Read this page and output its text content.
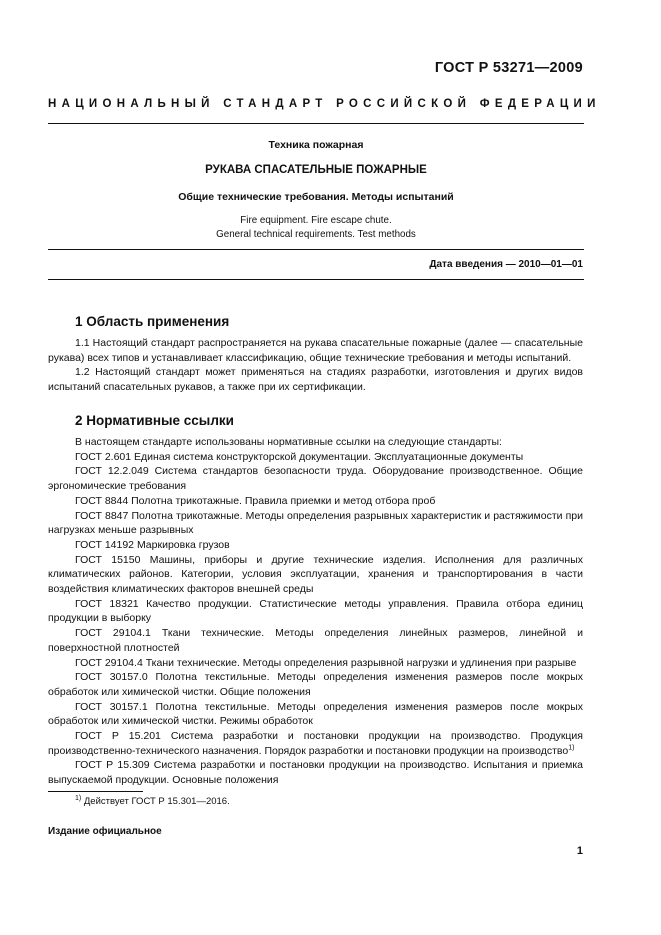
ГОСТ Р 53271—2009
НАЦИОНАЛЬНЫЙ СТАНДАРТ РОССИЙСКОЙ ФЕДЕРАЦИИ
Техника пожарная
РУКАВА СПАСАТЕЛЬНЫЕ ПОЖАРНЫЕ
Общие технические требования. Методы испытаний
Fire equipment. Fire escape chute.
General technical requirements. Test methods
Дата введения — 2010—01—01
1 Область применения

1.1 Настоящий стандарт распространяется на рукава спасательные пожарные (далее — спасательные рукава) всех типов и устанавливает классификацию, общие технические требования и методы испытаний.

1.2 Настоящий стандарт может применяться на стадиях разработки, изготовления и других видов испытаний спасательных рукавов, а также при их сертификации.

2 Нормативные ссылки

В настоящем стандарте использованы нормативные ссылки на следующие стандарты:

ГОСТ 2.601 Единая система конструкторской документации. Эксплуатационные документы

ГОСТ 12.2.049 Система стандартов безопасности труда. Оборудование производственное. Общие эргономические требования

ГОСТ 8844 Полотна трикотажные. Правила приемки и метод отбора проб

ГОСТ 8847 Полотна трикотажные. Методы определения разрывных характеристик и растяжимости при нагрузках меньше разрывных

ГОСТ 14192 Маркировка грузов

ГОСТ 15150 Машины, приборы и другие технические изделия. Исполнения для различных климатических районов. Категории, условия эксплуатации, хранения и транспортирования в части воздействия климатических факторов внешней среды

ГОСТ 18321 Качество продукции. Статистические методы управления. Правила отбора единиц продукции в выборку

ГОСТ 29104.1 Ткани технические. Методы определения линейных размеров, линейной и поверхностной плотностей

ГОСТ 29104.4 Ткани технические. Методы определения разрывной нагрузки и удлинения при разрыве

ГОСТ 30157.0 Полотна текстильные. Методы определения изменения размеров после мокрых обработок или химической чистки. Общие положения

ГОСТ 30157.1 Полотна текстильные. Методы определения изменения размеров после мокрых обработок или химической чистки. Режимы обработок

ГОСТ Р 15.201 Система разработки и постановки продукции на производство. Продукция производственно-технического назначения. Порядок разработки и постановки продукции на производство$^{1)}$

ГОСТ Р 15.309 Система разработки и постановки продукции на производство. Испытания и приемка выпускаемой продукции. Основные положения

$^{1)}$ Действует ГОСТ Р 15.301—2016.
Издание официальное
1
